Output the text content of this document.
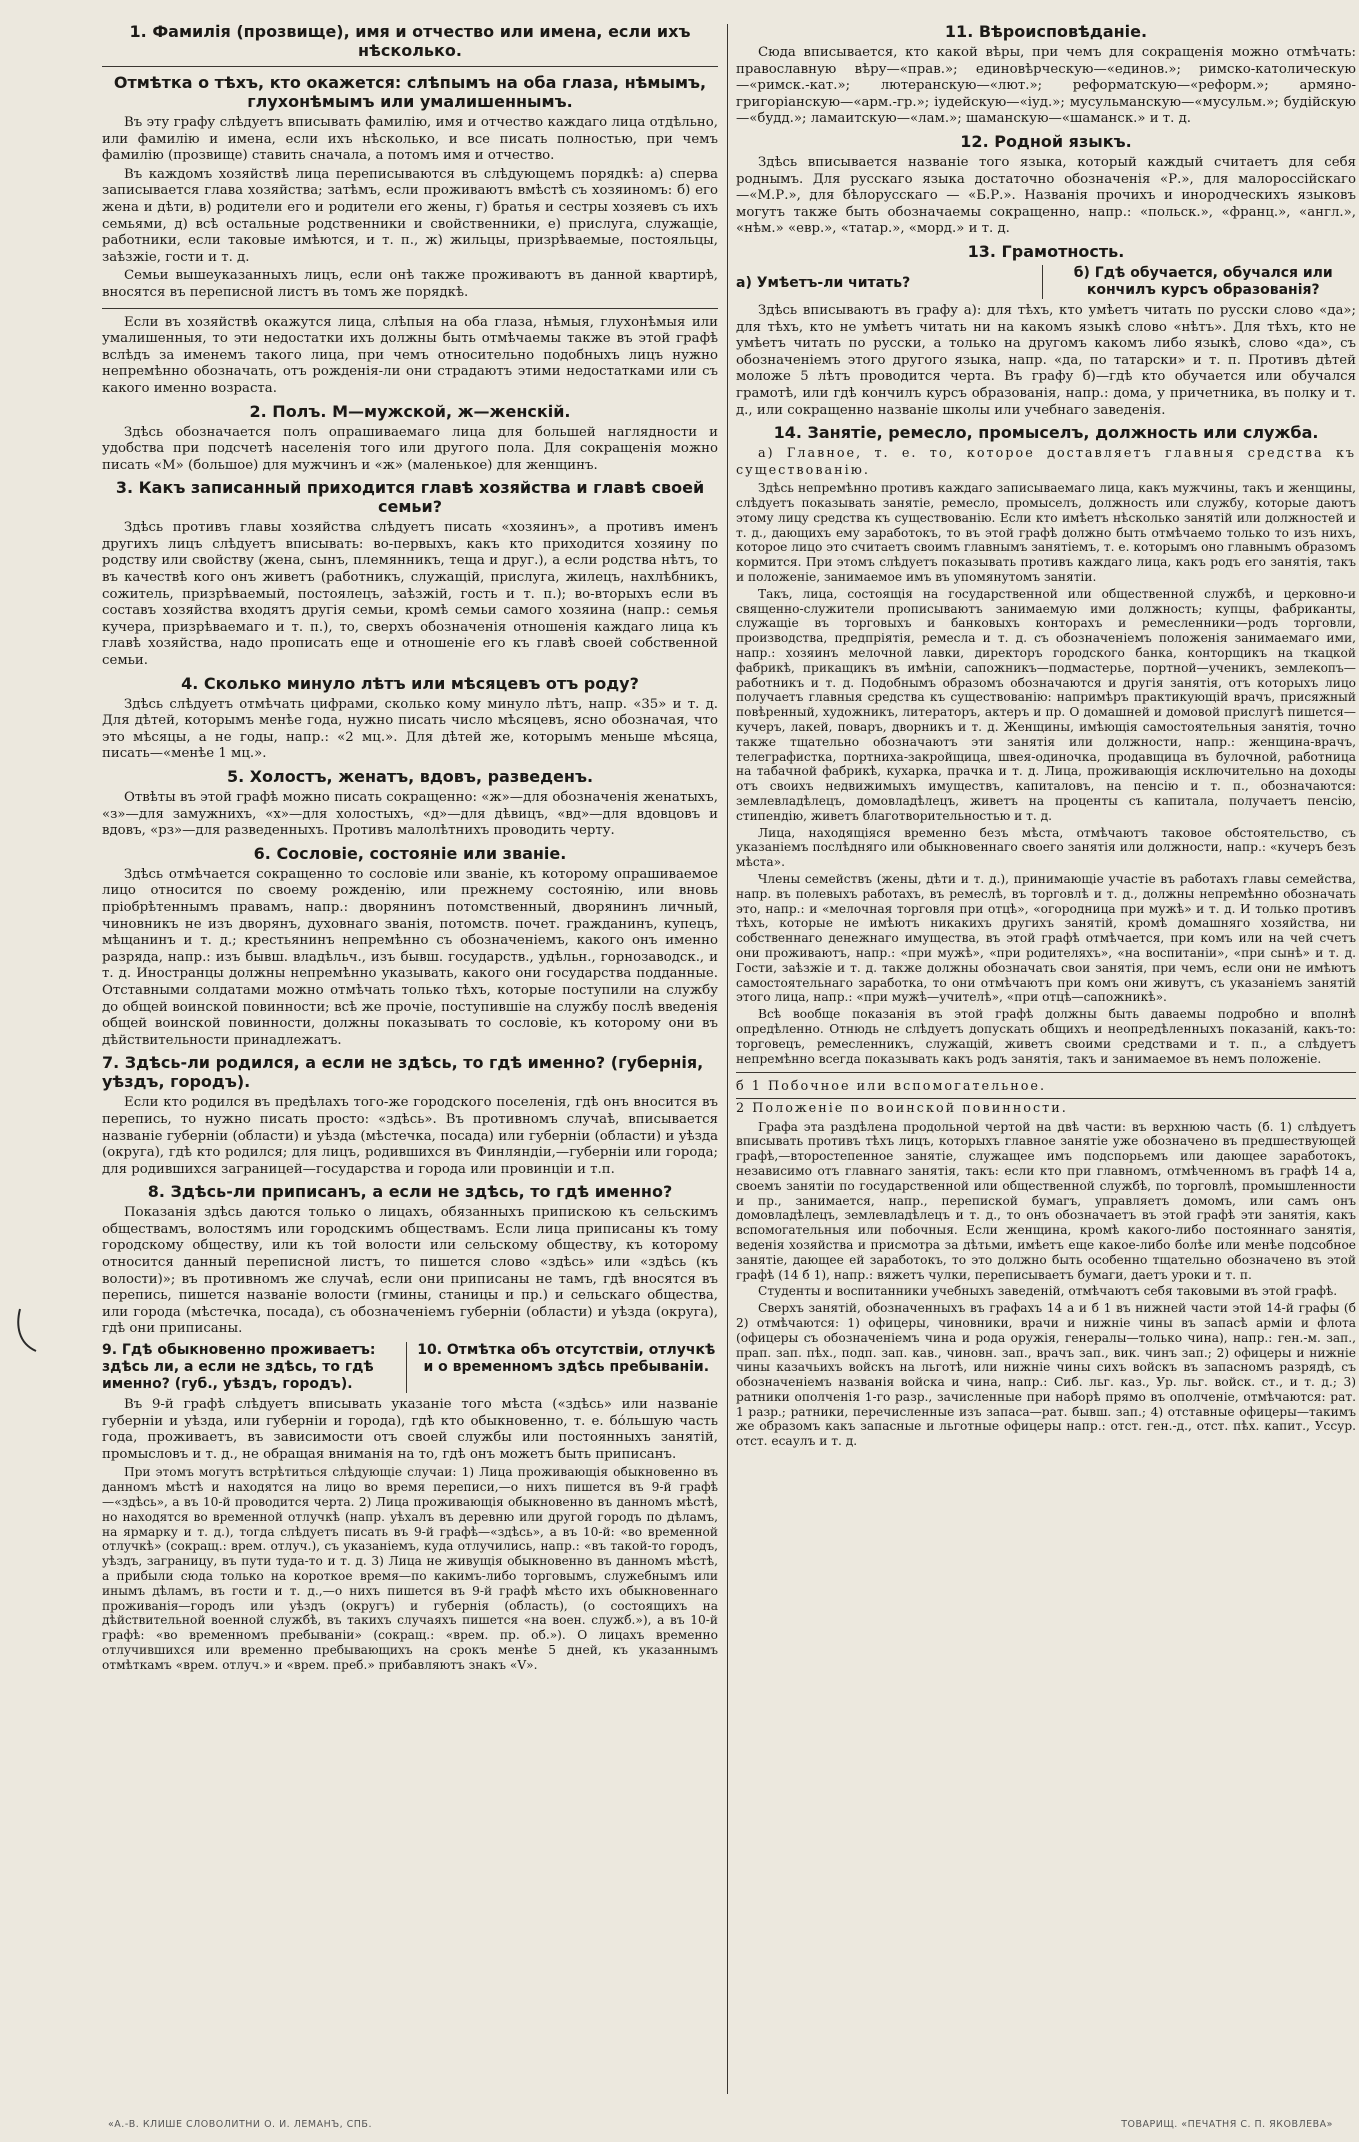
1. Фамилія (прозвище), имя и отчество или имена, если ихъ нѣсколько.
Отмѣтка о тѣхъ, кто окажется: слѣпымъ на оба глаза, нѣмымъ, глухонѣмымъ или умалишеннымъ.

Въ эту графу слѣдуетъ вписывать фамилію, имя и отчество каждаго лица отдѣльно, или фамилію и имена, если ихъ нѣсколько, и все писать полностью, при чемъ фамилію (прозвище) ставить сначала, а потомъ имя и отчество.

Въ каждомъ хозяйствѣ лица переписываются въ слѣдующемъ порядкѣ: а) сперва записывается глава хозяйства; затѣмъ, если проживаютъ вмѣстѣ съ хозяиномъ: б) его жена и дѣти, в) родители его и родители его жены, г) братья и сестры хозяевъ съ ихъ семьями, д) всѣ остальные родственники и свойственники, е) прислуга, служащіе, работники, если таковые имѣются, и т. п., ж) жильцы, призрѣваемые, постояльцы, заѣзжіе, гости и т. д.

Семьи вышеуказанныхъ лицъ, если онѣ также проживаютъ въ данной квартирѣ, вносятся въ переписной листъ въ томъ же порядкѣ.

Если въ хозяйствѣ окажутся лица, слѣпыя на оба глаза, нѣмыя, глухонѣмыя или умалишенныя, то эти недостатки ихъ должны быть отмѣчаемы также въ этой графѣ вслѣдъ за именемъ такого лица, при чемъ относительно подобныхъ лицъ нужно непремѣнно обозначать, отъ рожденія-ли они страдаютъ этими недостатками или съ какого именно возраста.

2. Полъ. М—мужской, ж—женскій.

Здѣсь обозначается полъ опрашиваемаго лица для большей наглядности и удобства при подсчетѣ населенія того или другого пола. Для сокращенія можно писать «М» (большое) для мужчинъ и «ж» (маленькое) для женщинъ.

3. Какъ записанный приходится главѣ хозяйства и главѣ своей семьи?

Здѣсь противъ главы хозяйства слѣдуетъ писать «хозяинъ», а противъ именъ другихъ лицъ слѣдуетъ вписывать: во-первыхъ, какъ кто приходится хозяину по родству или свойству (жена, сынъ, племянникъ, теща и друг.), а если родства нѣтъ, то въ качествѣ кого онъ живетъ (работникъ, служащій, прислуга, жилецъ, нахлѣбникъ, сожитель, призрѣваемый, постоялецъ, заѣзжій, гость и т. п.); во-вторыхъ если въ составъ хозяйства входятъ другія семьи, кромѣ семьи самого хозяина (напр.: семья кучера, призрѣваемаго и т. п.), то, сверхъ обозначенія отношенія каждаго лица къ главѣ хозяйства, надо прописать еще и отношеніе его къ главѣ своей собственной семьи.

4. Сколько минуло лѣтъ или мѣсяцевъ отъ роду?

Здѣсь слѣдуетъ отмѣчать цифрами, сколько кому минуло лѣтъ, напр. «35» и т. д. Для дѣтей, которымъ менѣе года, нужно писать число мѣсяцевъ, ясно обозначая, что это мѣсяцы, а не годы, напр.: «2 мц.». Для дѣтей же, которымъ меньше мѣсяца, писать—«менѣе 1 мц.».

5. Холостъ, женатъ, вдовъ, разведенъ.

Отвѣты въ этой графѣ можно писать сокращенно: «ж»—для обозначенія женатыхъ, «з»—для замужнихъ, «х»—для холостыхъ, «д»—для дѣвицъ, «вд»—для вдовцовъ и вдовъ, «рз»—для разведенныхъ. Противъ малолѣтнихъ проводить черту.

6. Сословіе, состояніе или званіе.

Здѣсь отмѣчается сокращенно то сословіе или званіе, къ которому опрашиваемое лицо относится по своему рожденію, или прежнему состоянію, или вновь пріобрѣтеннымъ правамъ, напр.: дворянинъ потомственный, дворянинъ личный, чиновникъ не изъ дворянъ, духовнаго званія, потомств. почет. гражданинъ, купецъ, мѣщанинъ и т. д.; крестьянинъ непремѣнно съ обозначеніемъ, какого онъ именно разряда, напр.: изъ бывш. владѣльч., изъ бывш. государств., удѣльн., горнозаводск., и т. д. Иностранцы должны непремѣнно указывать, какого они государства подданные. Отставными солдатами можно отмѣчать только тѣхъ, которые поступили на службу до общей воинской повинности; всѣ же прочіе, поступившіе на службу послѣ введенія общей воинской повинности, должны показывать то сословіе, къ которому они въ дѣйствительности принадлежатъ.

7. Здѣсь-ли родился, а если не здѣсь, то гдѣ именно? (губернія, уѣздъ, городъ).

Если кто родился въ предѣлахъ того-же городского поселенія, гдѣ онъ вносится въ перепись, то нужно писать просто: «здѣсь». Въ противномъ случаѣ, вписывается названіе губерніи (области) и уѣзда (мѣстечка, посада) или губерніи (области) и уѣзда (округа), гдѣ кто родился; для лицъ, родившихся въ Финляндіи,—губерніи или города; для родившихся заграницей—государства и города или провинціи и т.п.

8. Здѣсь-ли приписанъ, а если не здѣсь, то гдѣ именно?

Показанія здѣсь даются только о лицахъ, обязанныхъ припискою къ сельскимъ обществамъ, волостямъ или городскимъ обществамъ. Если лица приписаны къ тому городскому обществу, или къ той волости или сельскому обществу, къ которому относится данный переписной листъ, то пишется слово «здѣсь» или «здѣсь (къ волости)»; въ противномъ же случаѣ, если они приписаны не тамъ, гдѣ вносятся въ перепись, пишется названіе волости (гмины, станицы и пр.) и сельскаго общества, или города (мѣстечка, посада), съ обозначеніемъ губерніи (области) и уѣзда (округа), гдѣ они приписаны.

9. Гдѣ обыкновенно проживаетъ: здѣсь ли, а если не здѣсь, то гдѣ именно? (губ., уѣздъ, городъ).
10. Отмѣтка объ отсутствіи, отлучкѣ и о временномъ здѣсь пребываніи.

Въ 9-й графѣ слѣдуетъ вписывать указаніе того мѣста («здѣсь» или названіе губерніи и уѣзда, или губерніи и города), гдѣ кто обыкновенно, т. е. бóльшую часть года, проживаетъ, въ зависимости отъ своей службы или постоянныхъ занятій, промысловъ и т. д., не обращая вниманія на то, гдѣ онъ можетъ быть приписанъ.

При этомъ могутъ встрѣтиться слѣдующіе случаи: 1) Лица проживающія обыкновенно въ данномъ мѣстѣ и находятся на лицо во время переписи,—о нихъ пишется въ 9-й графѣ—«здѣсь», а въ 10-й проводится черта. 2) Лица проживающія обыкновенно въ данномъ мѣстѣ, но находятся во временной отлучкѣ (напр. уѣхалъ въ деревню или другой городъ по дѣламъ, на ярмарку и т. д.), тогда слѣдуетъ писать въ 9-й графѣ—«здѣсь», а въ 10-й: «во временной отлучкѣ» (сокращ.: врем. отлуч.), съ указаніемъ, куда отлучились, напр.: «въ такой-то городъ, уѣздъ, заграницу, въ пути туда-то и т. д. 3) Лица не живущія обыкновенно въ данномъ мѣстѣ, а прибыли сюда только на короткое время—по какимъ-либо торговымъ, служебнымъ или инымъ дѣламъ, въ гости и т. д.,—о нихъ пишется въ 9-й графѣ мѣсто ихъ обыкновеннаго проживанія—городъ или уѣздъ (округъ) и губернія (область), (о состоящихъ на дѣйствительной военной службѣ, въ такихъ случаяхъ пишется «на воен. служб.»), а въ 10-й графѣ: «во временномъ пребываніи» (сокращ.: «врем. пр. об.»). О лицахъ временно отлучившихся или временно пребывающихъ на срокъ менѣе 5 дней, къ указаннымъ отмѣткамъ «врем. отлуч.» и «врем. преб.» прибавляютъ знакъ «V».

11. Вѣроисповѣданіе.

Сюда вписывается, кто какой вѣры, при чемъ для сокращенія можно отмѣчать: православную вѣру—«прав.»; единовѣрческую—«единов.»; римско-католическую—«римск.-кат.»; лютеранскую—«лют.»; реформатскую—«реформ.»; армяно-григоріанскую—«арм.-гр.»; іудейскую—«іуд.»; мусульманскую—«мусульм.»; будійскую—«будд.»; ламаитскую—«лам.»; шаманскую—«шаманск.» и т. д.

12. Родной языкъ.

Здѣсь вписывается названіе того языка, который каждый считаетъ для себя роднымъ. Для русскаго языка достаточно обозначенія «Р.», для малороссійскаго—«М.Р.», для бѣлорусскаго — «Б.Р.». Названія прочихъ и инородческихъ языковъ могутъ также быть обозначаемы сокращенно, напр.: «польск.», «франц.», «англ.», «нѣм.» «евр.», «татар.», «морд.» и т. д.

13. Грамотность.
а) Умѣетъ-ли читать?
б) Гдѣ обучается, обучался или кончилъ курсъ образованія?

Здѣсь вписываютъ въ графу а): для тѣхъ, кто умѣетъ читать по русски слово «да»; для тѣхъ, кто не умѣетъ читать ни на какомъ языкѣ слово «нѣтъ». Для тѣхъ, кто не умѣетъ читать по русски, а только на другомъ какомъ либо языкѣ, слово «да», съ обозначеніемъ этого другого языка, напр. «да, по татарски» и т. п. Противъ дѣтей моложе 5 лѣтъ проводится черта. Въ графу б)—гдѣ кто обучается или обучался грамотѣ, или гдѣ кончилъ курсъ образованія, напр.: дома, у причетника, въ полку и т. д., или сокращенно названіе школы или учебнаго заведенія.

14. Занятіе, ремесло, промыселъ, должность или служба.

а) Главное, т. е. то, которое доставляетъ главныя средства къ существованію.

Здѣсь непремѣнно противъ каждаго записываемаго лица, какъ мужчины, такъ и женщины, слѣдуетъ показывать занятіе, ремесло, промыселъ, должность или службу, которые даютъ этому лицу средства къ существованію. Если кто имѣетъ нѣсколько занятій или должностей и т. д., дающихъ ему заработокъ, то въ этой графѣ должно быть отмѣчаемо только то изъ нихъ, которое лицо это считаетъ своимъ главнымъ занятіемъ, т. е. которымъ оно главнымъ образомъ кормится. При этомъ слѣдуетъ показывать противъ каждаго лица, какъ родъ его занятія, такъ и положеніе, занимаемое имъ въ упомянутомъ занятіи.

Такъ, лица, состоящія на государственной или общественной службѣ, и церковно-и священно-служители прописываютъ занимаемую ими должность; купцы, фабриканты, служащіе въ торговыхъ и банковыхъ конторахъ и ремесленники—родъ торговли, производства, предпріятія, ремесла и т. д. съ обозначеніемъ положенія занимаемаго ими, напр.: хозяинъ мелочной лавки, директоръ городского банка, конторщикъ на ткацкой фабрикѣ, прикащикъ въ имѣніи, сапожникъ—подмастерье, портной—ученикъ, землекопъ—работникъ и т. д. Подобнымъ образомъ обозначаются и другія занятія, отъ которыхъ лицо получаетъ главныя средства къ существованію: напримѣръ практикующій врачъ, присяжный повѣренный, художникъ, литераторъ, актеръ и пр. О домашней и домовой прислугѣ пишется—кучеръ, лакей, поваръ, дворникъ и т. д. Женщины, имѣющія самостоятельныя занятія, точно также тщательно обозначаютъ эти занятія или должности, напр.: женщина-врачъ, телеграфистка, портниха-закройщица, швея-одиночка, продавщица въ булочной, работница на табачной фабрикѣ, кухарка, прачка и т. д. Лица, проживающія исключительно на доходы отъ своихъ недвижимыхъ имуществъ, капиталовъ, на пенсію и т. п., обозначаются: землевладѣлецъ, домовладѣлецъ, живетъ на проценты съ капитала, получаетъ пенсію, стипендію, живетъ благотворительностью и т. д.

Лица, находящіяся временно безъ мѣста, отмѣчаютъ таковое обстоятельство, съ указаніемъ послѣдняго или обыкновеннаго своего занятія или должности, напр.: «кучеръ безъ мѣста».

Члены семействъ (жены, дѣти и т. д.), принимающіе участіе въ работахъ главы семейства, напр. въ полевыхъ работахъ, въ ремеслѣ, въ торговлѣ и т. д., должны непремѣнно обозначать это, напр.: и «мелочная торговля при отцѣ», «огородница при мужѣ» и т. д. И только противъ тѣхъ, которые не имѣютъ никакихъ другихъ занятій, кромѣ домашняго хозяйства, ни собственнаго денежнаго имущества, въ этой графѣ отмѣчается, при комъ или на чей счетъ они проживаютъ, напр.: «при мужѣ», «при родителяхъ», «на воспитаніи», «при сынѣ» и т. д. Гости, заѣзжіе и т. д. также должны обозначать свои занятія, при чемъ, если они не имѣютъ самостоятельнаго заработка, то они отмѣчаютъ при комъ они живутъ, съ указаніемъ занятій этого лица, напр.: «при мужѣ—учителѣ», «при отцѣ—сапожникѣ».

Всѣ вообще показанія въ этой графѣ должны быть даваемы подробно и вполнѣ опредѣленно. Отнюдь не слѣдуетъ допускать общихъ и неопредѣленныхъ показаній, какъ-то: торговецъ, ремесленникъ, служащій, живетъ своими средствами и т. п., а слѣдуетъ непремѣнно всегда показывать какъ родъ занятія, такъ и занимаемое въ немъ положеніе.

б 1 Побочное или вспомогательное.

2 Положеніе по воинской повинности.

Графа эта раздѣлена продольной чертой на двѣ части: въ верхнюю часть (б. 1) слѣдуетъ вписывать противъ тѣхъ лицъ, которыхъ главное занятіе уже обозначено въ предшествующей графѣ,—второстепенное занятіе, служащее имъ подспорьемъ или дающее заработокъ, независимо отъ главнаго занятія, такъ: если кто при главномъ, отмѣченномъ въ графѣ 14 а, своемъ занятіи по государственной или общественной службѣ, по торговлѣ, промышленности и пр., занимается, напр., перепиской бумагъ, управляетъ домомъ, или самъ онъ домовладѣлецъ, землевладѣлецъ и т. д., то онъ обозначаетъ въ этой графѣ эти занятія, какъ вспомогательныя или побочныя. Если женщина, кромѣ какого-либо постояннаго занятія, веденія хозяйства и присмотра за дѣтьми, имѣетъ еще какое-либо болѣе или менѣе подсобное занятіе, дающее ей заработокъ, то это должно быть особенно тщательно обозначено въ этой графѣ (14 б 1), напр.: вяжетъ чулки, переписываетъ бумаги, даетъ уроки и т. п.

Студенты и воспитанники учебныхъ заведеній, отмѣчаютъ себя таковыми въ этой графѣ.

Сверхъ занятій, обозначенныхъ въ графахъ 14 а и б 1 въ нижней части этой 14-й графы (б 2) отмѣчаются: 1) офицеры, чиновники, врачи и нижніе чины въ запасѣ арміи и флота (офицеры съ обозначеніемъ чина и рода оружія, генералы—только чина), напр.: ген.-м. зап., прап. зап. пѣх., подп. зап. кав., чиновн. зап., врачъ зап., вик. чинъ зап.; 2) офицеры и нижніе чины казачьихъ войскъ на льготѣ, или нижніе чины сихъ войскъ въ запасномъ разрядѣ, съ обозначеніемъ названія войска и чина, напр.: Сиб. льг. каз., Ур. льг. войск. ст., и т. д.; 3) ратники ополченія 1-го разр., зачисленные при наборѣ прямо въ ополченіе, отмѣчаются: рат. 1 разр.; ратники, перечисленные изъ запаса—рат. бывш. зап.; 4) отставные офицеры—такимъ же образомъ какъ запасные и льготные офицеры напр.: отст. ген.-д., отст. пѣх. капит., Уссур. отст. есаулъ и т. д.

«А.-В. КЛИШЕ СЛОВОЛИТНИ О. И. ЛЕМАНЪ, СПБ.	ТОВАРИЩ. «ПЕЧАТНЯ С. П. ЯКОВЛЕВА»
